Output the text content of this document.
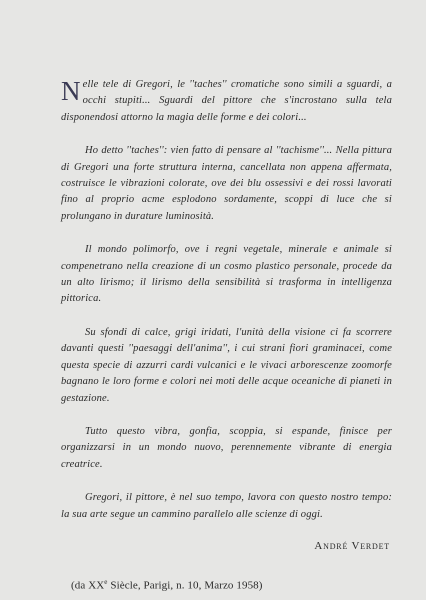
Nelle tele di Gregori, le ''taches'' cromatiche sono simili a sguardi, a occhi stupiti... Sguardi del pittore che s'incrostano sulla tela disponendosi attorno la magia delle forme e dei colori...

Ho detto ''taches'': vien fatto di pensare al ''tachisme''... Nella pittura di Gregori una forte struttura interna, cancellata non appena affermata, costruisce le vibrazioni colorate, ove dei blu ossessivi e dei rossi lavorati fino al proprio acme esplodono sordamente, scoppi di luce che si prolungano in durature luminosità.

Il mondo polimorfo, ove i regni vegetale, minerale e animale si compenetrano nella creazione di un cosmo plastico personale, procede da un alto lirismo; il lirismo della sensibilità si trasforma in intelligenza pittorica.

Su sfondi di calce, grigi iridati, l'unità della visione ci fa scorrere davanti questi ''paesaggi dell'anima'', i cui strani fiori graminacei, come questa specie di azzurri cardi vulcanici e le vivaci arborescenze zoomorfe bagnano le loro forme e colori nei moti delle acque oceaniche di pianeti in gestazione.

Tutto questo vibra, gonfia, scoppia, si espande, finisce per organizzarsi in un mondo nuovo, perennemente vibrante di energia creatrice.

Gregori, il pittore, è nel suo tempo, lavora con questo nostro tempo: la sua arte segue un cammino parallelo alle scienze di oggi.

André Verdet
(da XXe Siècle, Parigi, n. 10, Marzo 1958)
